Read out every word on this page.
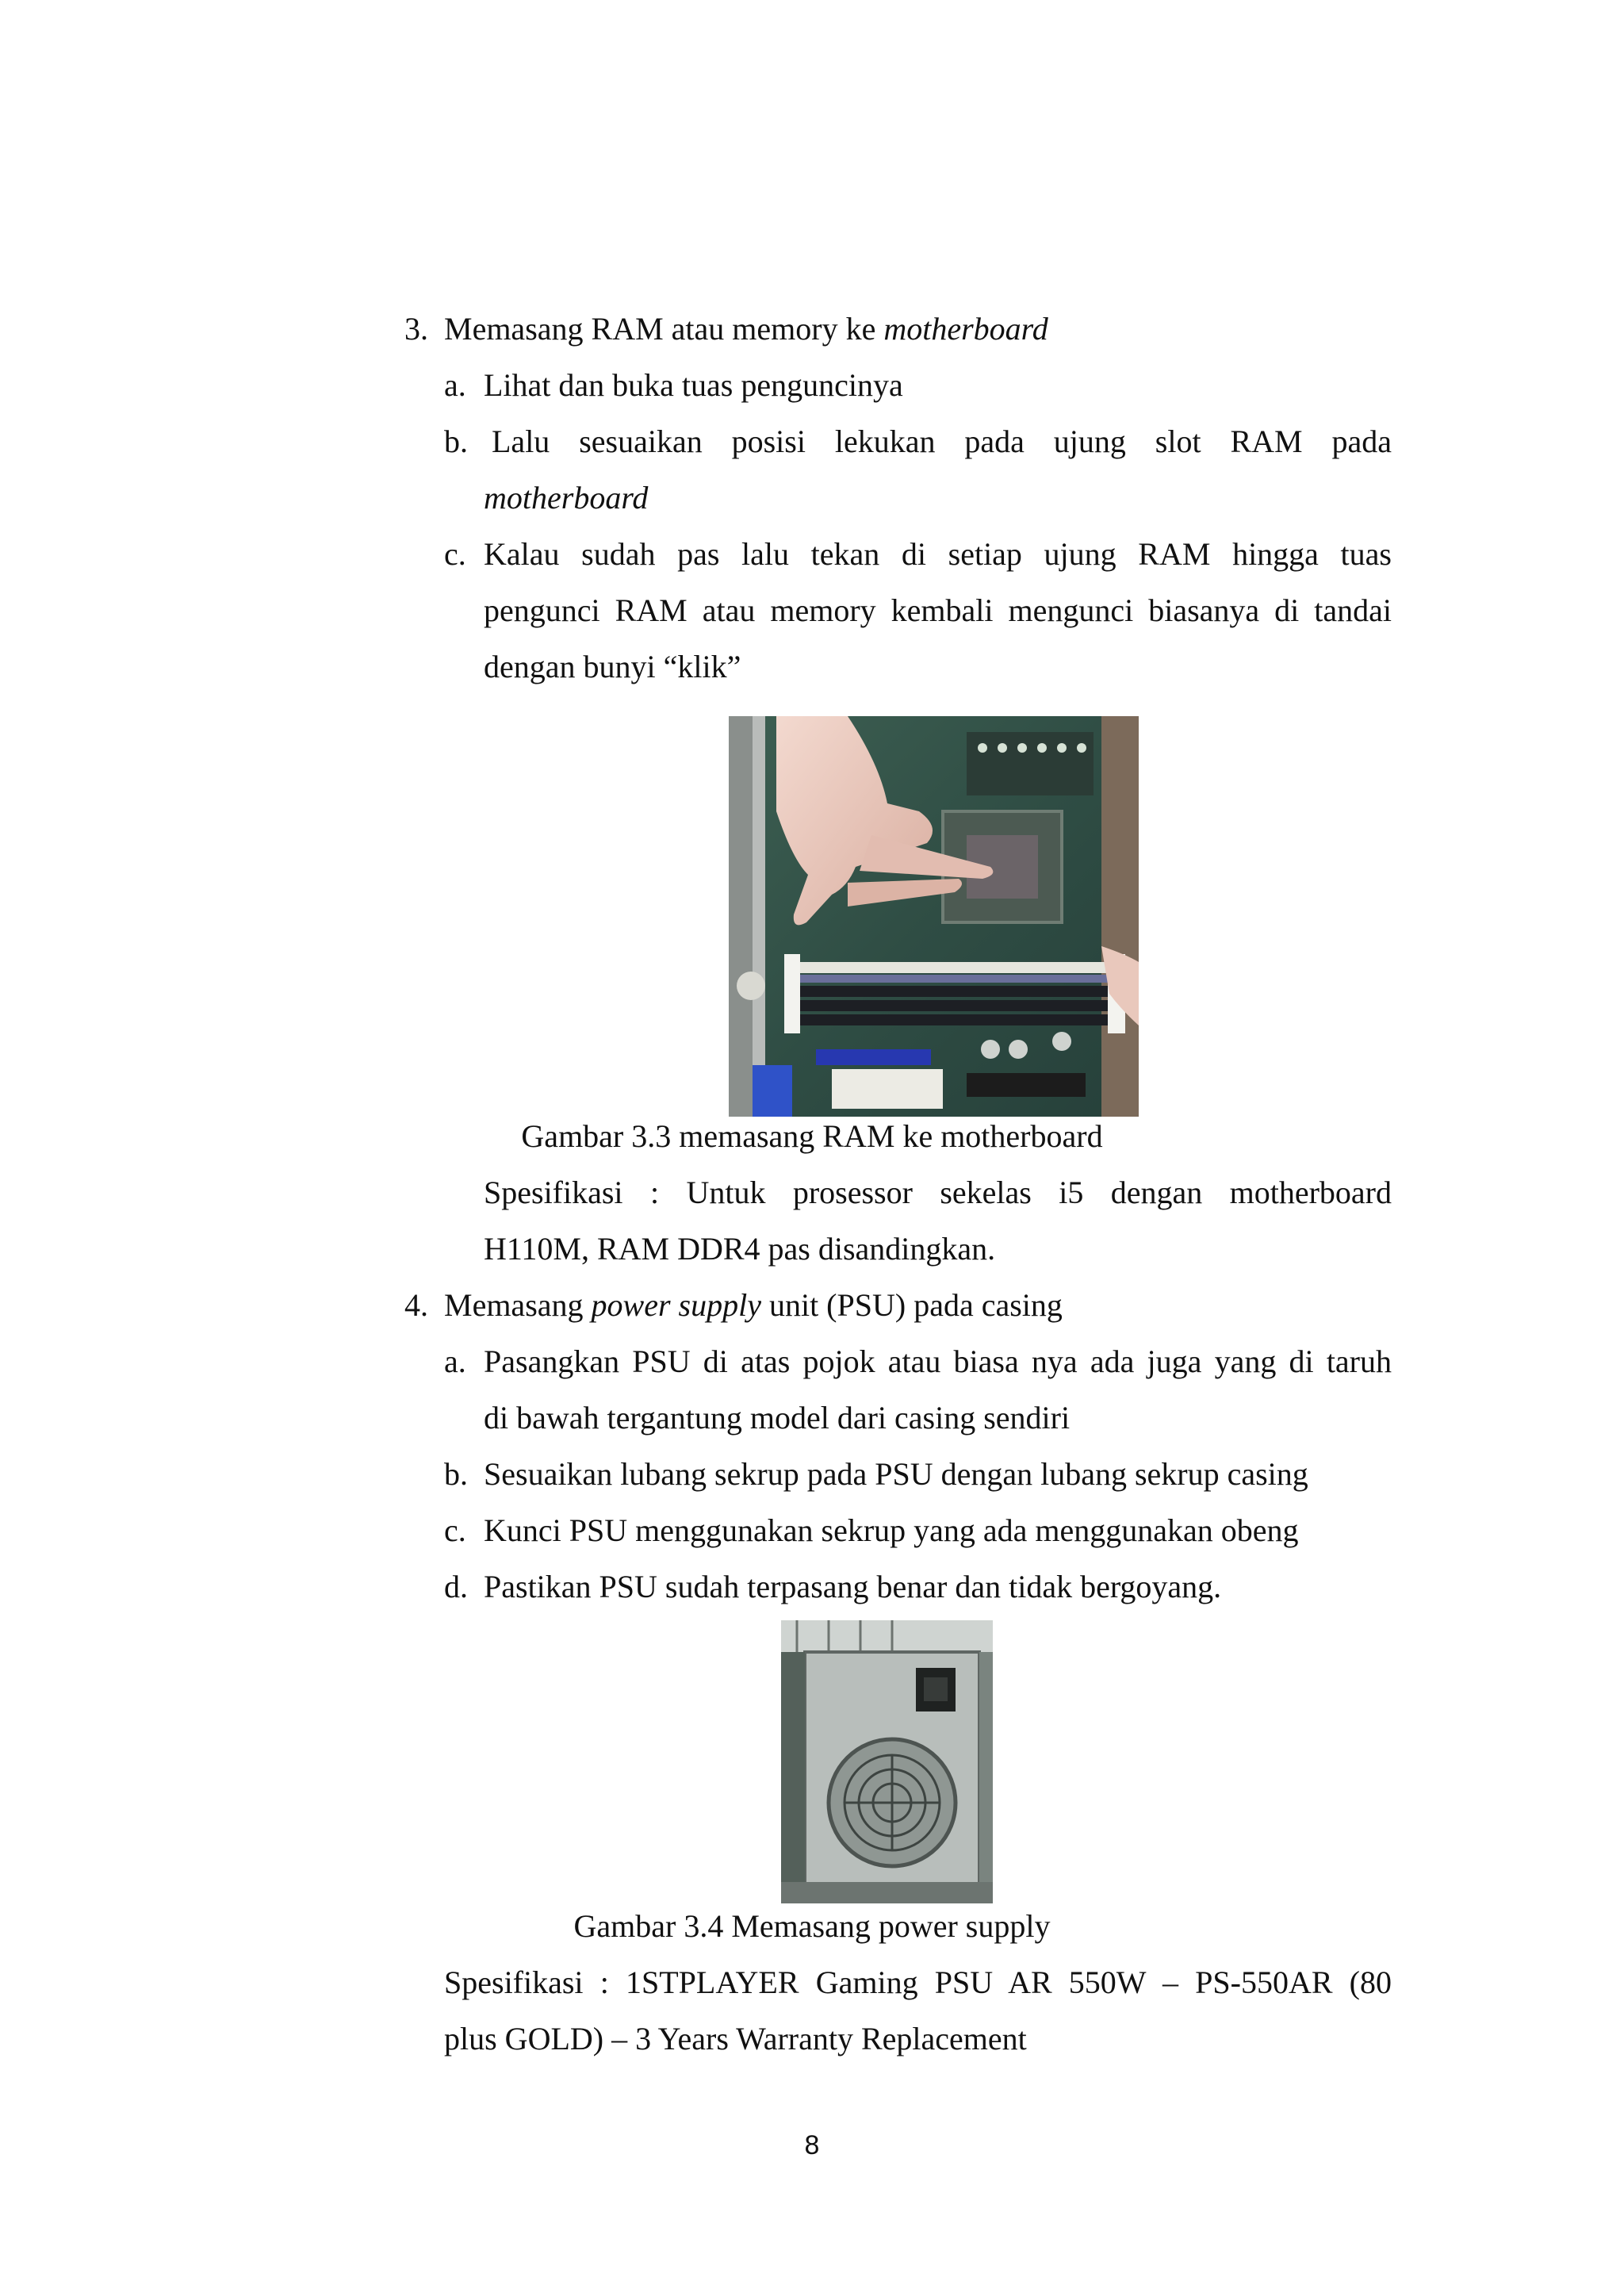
3. Memasang RAM atau memory ke motherboard
a. Lihat dan buka tuas penguncinya
b. Lalu sesuaikan posisi lekukan pada ujung slot RAM pada
motherboard
c. Kalau sudah pas lalu tekan di setiap ujung RAM hingga tuas
pengunci RAM atau memory kembali mengunci biasanya di tandai
dengan bunyi “klik”
Gambar 3.3 memasang RAM ke motherboard
Spesifikasi : Untuk prosessor sekelas i5 dengan motherboard
H110M, RAM DDR4 pas disandingkan.
4. Memasang power supply unit (PSU) pada casing
a. Pasangkan PSU di atas pojok atau biasa nya ada juga yang di taruh
di bawah tergantung model dari casing sendiri
b. Sesuaikan lubang sekrup pada PSU dengan lubang sekrup casing
c. Kunci PSU menggunakan sekrup yang ada menggunakan obeng
d. Pastikan PSU sudah terpasang benar dan tidak bergoyang.
Gambar 3.4 Memasang power supply
Spesifikasi : 1STPLAYER Gaming PSU AR 550W – PS-550AR (80
plus GOLD) – 3 Years Warranty Replacement
8
